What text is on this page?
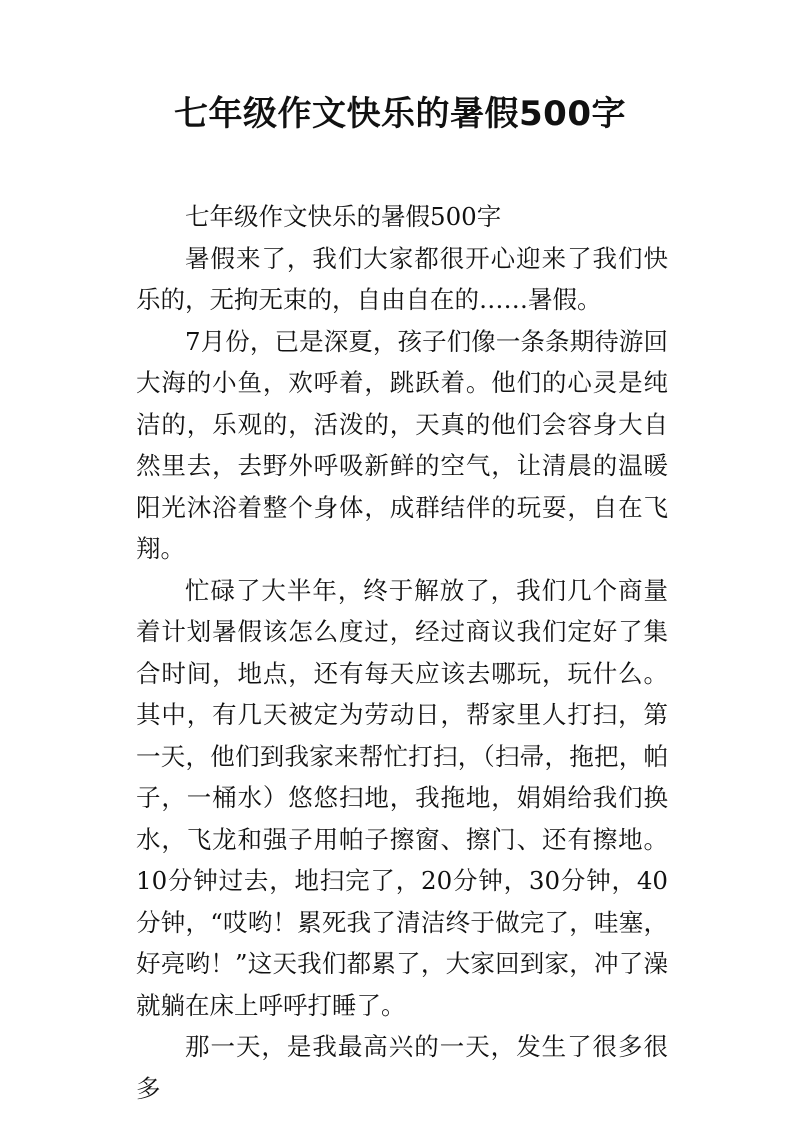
七年级作文快乐的暑假500字

七年级作文快乐的暑假500字

暑假来了，我们大家都很开心迎来了我们快乐的，无拘无束的，自由自在的……暑假。

7月份，已是深夏，孩子们像一条条期待游回大海的小鱼，欢呼着，跳跃着。他们的心灵是纯洁的，乐观的，活泼的，天真的他们会容身大自然里去，去野外呼吸新鲜的空气，让清晨的温暖阳光沐浴着整个身体，成群结伴的玩耍，自在飞翔。

忙碌了大半年，终于解放了，我们几个商量着计划暑假该怎么度过，经过商议我们定好了集合时间，地点，还有每天应该去哪玩，玩什么。其中，有几天被定为劳动日，帮家里人打扫，第一天，他们到我家来帮忙打扫，（扫帚，拖把，帕子，一桶水）悠悠扫地，我拖地，娟娟给我们换水，飞龙和强子用帕子擦窗、擦门、还有擦地。10分钟过去，地扫完了，20分钟，30分钟，40分钟，“哎哟！累死我了清洁终于做完了，哇塞，好亮哟！”这天我们都累了，大家回到家，冲了澡就躺在床上呼呼打睡了。

那一天，是我最高兴的一天，发生了很多很多
